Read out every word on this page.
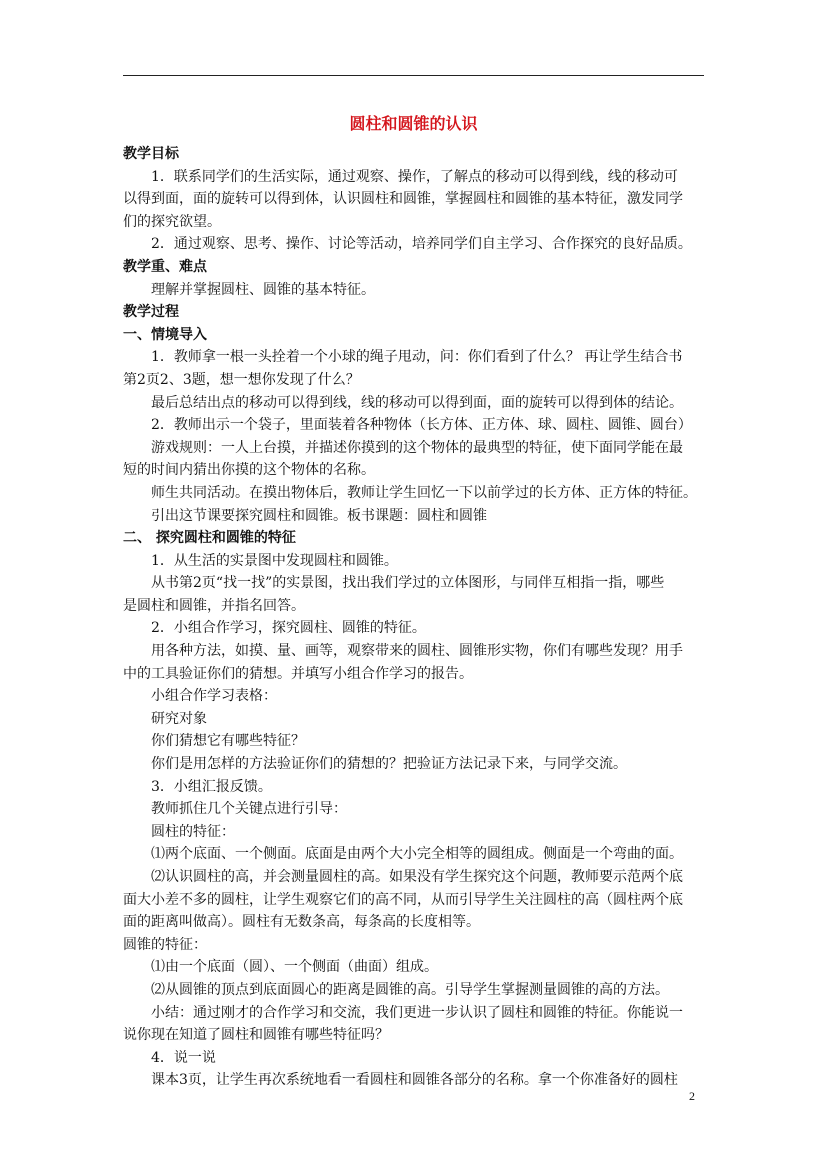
圆柱和圆锥的认识
教学目标
1．联系同学们的生活实际，通过观察、操作，了解点的移动可以得到线，线的移动可
以得到面，面的旋转可以得到体，认识圆柱和圆锥，掌握圆柱和圆锥的基本特征，激发同学
们的探究欲望。
2．通过观察、思考、操作、讨论等活动，培养同学们自主学习、合作探究的良好品质。
教学重、难点
理解并掌握圆柱、圆锥的基本特征。
教学过程
一、情境导入
1．教师拿一根一头拴着一个小球的绳子甩动，问：你们看到了什么？ 再让学生结合书
第2页2、3题，想一想你发现了什么？
最后总结出点的移动可以得到线，线的移动可以得到面，面的旋转可以得到体的结论。
2．教师出示一个袋子，里面装着各种物体（长方体、正方体、球、圆柱、圆锥、圆台）
游戏规则：一人上台摸，并描述你摸到的这个物体的最典型的特征，使下面同学能在最
短的时间内猜出你摸的这个物体的名称。
师生共同活动。在摸出物体后，教师让学生回忆一下以前学过的长方体、正方体的特征。
引出这节课要探究圆柱和圆锥。板书课题：圆柱和圆锥
二、 探究圆柱和圆锥的特征
1．从生活的实景图中发现圆柱和圆锥。
从书第2页“找一找”的实景图，找出我们学过的立体图形，与同伴互相指一指，哪些
是圆柱和圆锥，并指名回答。
2．小组合作学习，探究圆柱、圆锥的特征。
用各种方法，如摸、量、画等，观察带来的圆柱、圆锥形实物，你们有哪些发现？用手
中的工具验证你们的猜想。并填写小组合作学习的报告。
小组合作学习表格：
研究对象
你们猜想它有哪些特征？
你们是用怎样的方法验证你们的猜想的？把验证方法记录下来，与同学交流。
3．小组汇报反馈。
教师抓住几个关键点进行引导：
圆柱的特征：
⑴两个底面、一个侧面。底面是由两个大小完全相等的圆组成。侧面是一个弯曲的面。
⑵认识圆柱的高，并会测量圆柱的高。如果没有学生探究这个问题，教师要示范两个底
面大小差不多的圆柱，让学生观察它们的高不同，从而引导学生关注圆柱的高（圆柱两个底
面的距离叫做高）。圆柱有无数条高，每条高的长度相等。
圆锥的特征：
⑴由一个底面（圆）、一个侧面（曲面）组成。
⑵从圆锥的顶点到底面圆心的距离是圆锥的高。引导学生掌握测量圆锥的高的方法。
小结：通过刚才的合作学习和交流，我们更进一步认识了圆柱和圆锥的特征。你能说一
说你现在知道了圆柱和圆锥有哪些特征吗？
4．说一说
课本3页，让学生再次系统地看一看圆柱和圆锥各部分的名称。拿一个你准备好的圆柱
2
